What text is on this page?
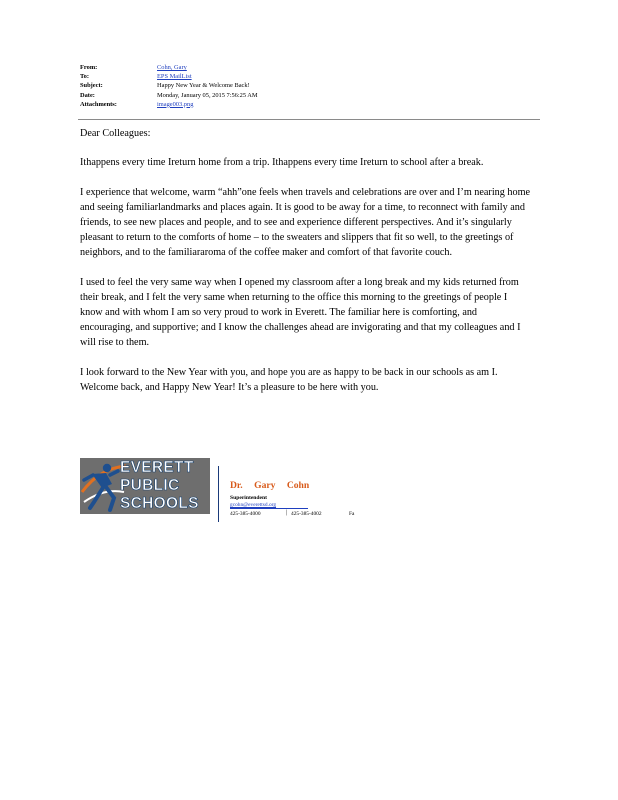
From:	Cohn, Gary
To:	EPS MailList
Subject:	Happy New Year & Welcome Back!
Date:	Monday, January 05, 2015 7:56:25 AM
Attachments:	image003.png

Dear Colleagues:

Ithappens every time Ireturn home from a trip. Ithappens every time Ireturn to school after a break.

I experience that welcome, warm “ahh”one feels when travels and celebrations are over and I’m nearing home and seeing familiarlandmarks and places again. It is good to be away for a time, to reconnect with family and friends, to see new places and people, and to see and experience different perspectives. And it’s singularly pleasant to return to the comforts of home – to the sweaters and slippers that fit so well, to the greetings of neighbors, and to the familiararoma of the coffee maker and comfort of that favorite couch.

I used to feel the very same way when I opened my classroom after a long break and my kids returned from their break, and I felt the very same when returning to the office this morning to the greetings of people I know and with whom I am so very proud to work in Everett. The familiar here is comforting, and encouraging, and supportive; and I know the challenges ahead are invigorating and that my colleagues and I will rise to them.

I look forward to the New Year with you, and hope you are as happy to be back in our schools as am I. Welcome back, and Happy New Year! It’s a pleasure to be here with you.

EVERETT
PUBLIC
SCHOOLS
Dr. Gary Cohn
Superintendent
gcohn@everettsd.org
425-385-4000	| 425-385-4002	Fa
